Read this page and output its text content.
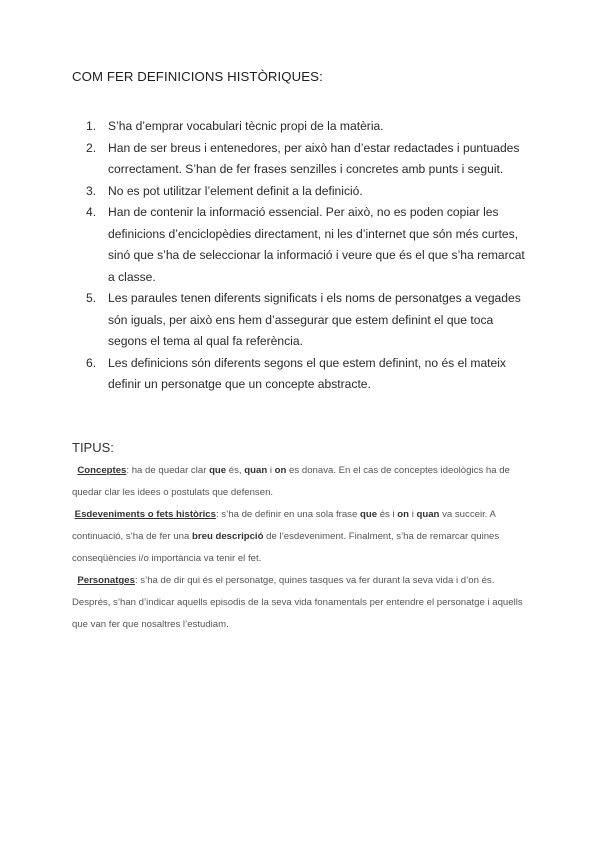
COM FER DEFINICIONS HISTÒRIQUES:
1. S’ha d’emprar vocabulari tècnic propi de la matèria.
2. Han de ser breus i entenedores, per això han d’estar redactades i puntuades correctament. S’han de fer frases senzilles i concretes amb punts i seguit.
3. No es pot utilitzar l’element definit a la definició.
4. Han de contenir la informació essencial. Per això, no es poden copiar les definicions d’enciclopèdies directament, ni les d’internet que són més curtes, sinó que s’ha de seleccionar la informació i veure que és el que s’ha remarcat a classe.
5. Les paraules tenen diferents significats i els noms de personatges a vegades són iguals, per això ens hem d’assegurar que estem definint el que toca segons el tema al qual fa referència.
6. Les definicions són diferents segons el que estem definint, no és el mateix definir un personatge que un concepte abstracte.
TIPUS:

Conceptes: ha de quedar clar que és, quan i on es donava. En el cas de conceptes ideològics ha de quedar clar les idees o postulats que defensen.

Esdeveniments o fets històrics: s’ha de definir en una sola frase que és i on i quan va succeir. A continuació, s’ha de fer una breu descripció de l’esdeveniment. Finalment, s’ha de remarcar quines conseqüències i/o importància va tenir el fet.

Personatges: s’ha de dir qui és el personatge, quines tasques va fer durant la seva vida i d’on és. Després, s’han d’indicar aquells episodis de la seva vida fonamentals per entendre el personatge i aquells que van fer que nosaltres l’estudiam.
